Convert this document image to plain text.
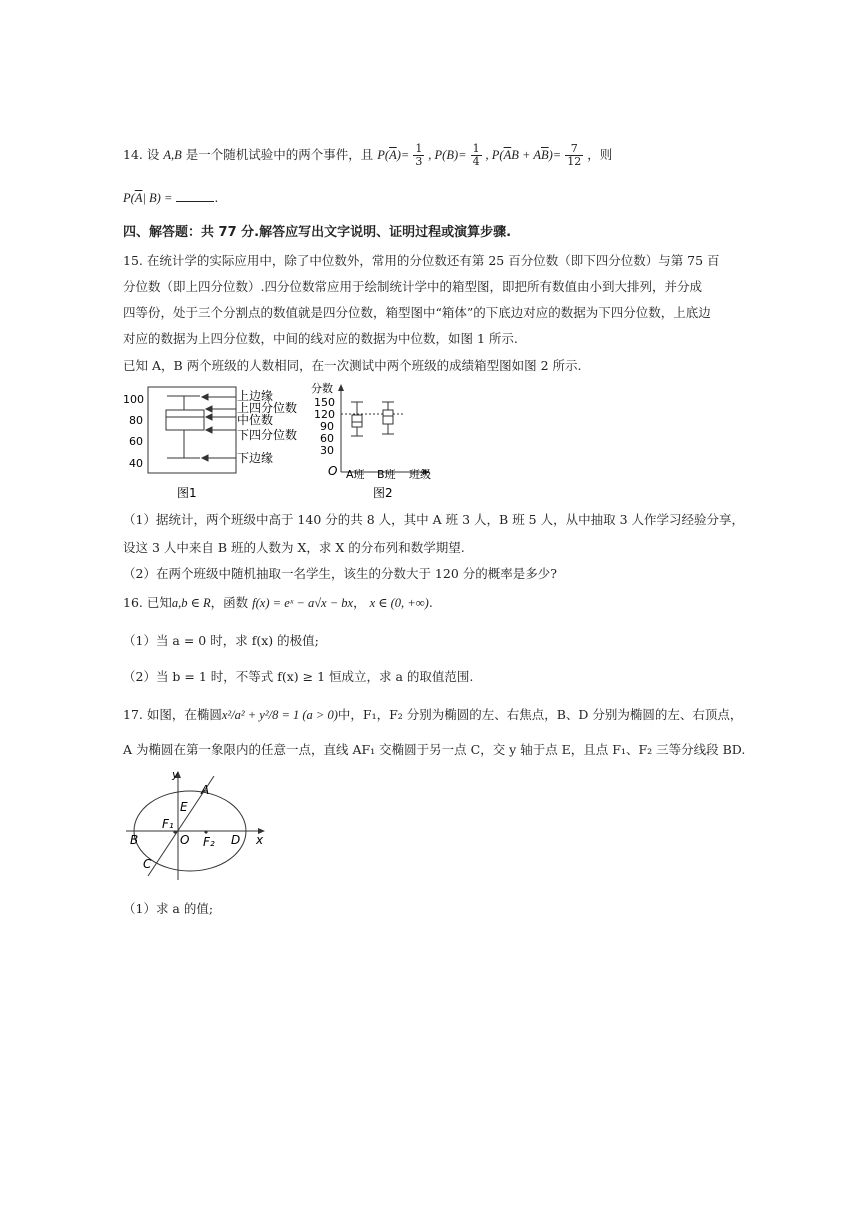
14. 设 A,B 是一个随机试验中的两个事件，且 $P(\overline{A})= \frac{1}{3}$ , $P(B)= \frac{1}{4}$ , $P(\overline{A}B + A\overline{B})= \frac{7}{12}$ ，则
$P(\overline{A}|$ B) =	.
四、解答题：共 77 分.解答应写出文字说明、证明过程或演算步骤.
15. 在统计学的实际应用中，除了中位数外，常用的分位数还有第 25 百分位数（即下四分位数）与第 75 百
分位数（即上四分位数）.四分位数常应用于绘制统计学中的箱型图，即把所有数值由小到大排列，并分成
四等份，处于三个分割点的数值就是四分位数，箱型图中“箱体”的下底边对应的数据为下四分位数，上底边
对应的数据为上四分位数，中间的线对应的数据为中位数，如图 1 所示.
已知 A，B 两个班级的人数相同，在一次测试中两个班级的成绩箱型图如图 2 所示.
100
80
60
40
上边缘
上四分位数
中位数
下四分位数
下边缘
图1
分数
150
120
90
60
30
O A班 B班 班级
图2
（1）据统计，两个班级中高于 140 分的共 8 人，其中 A 班 3 人，B 班 5 人，从中抽取 3 人作学习经验分享，
设这 3 人中来自 B 班的人数为 X，求 X 的分布列和数学期望.
（2）在两个班级中随机抽取一名学生，该生的分数大于 120 分的概率是多少?
16. 已知a,b ∈ R，函数 f(x) = eˣ − a√x − bx， x ∈ (0, +∞).
（1）当 a = 0 时，求 f(x) 的极值;
（2）当 b = 1 时，不等式 f(x) ≥ 1 恒成立，求 a 的取值范围.
17. 如图，在椭圆x²/a² + y²/8 = 1 (a > 0)中，F₁，F₂ 分别为椭圆的左、右焦点，B、D 分别为椭圆的左、右顶点，
A 为椭圆在第一象限内的任意一点，直线 AF₁ 交椭圆于另一点 C，交 y 轴于点 E，且点 F₁、F₂ 三等分线段 BD.
y
A
E
F₁
B	O F₂ D x
C
（1）求 a 的值;
